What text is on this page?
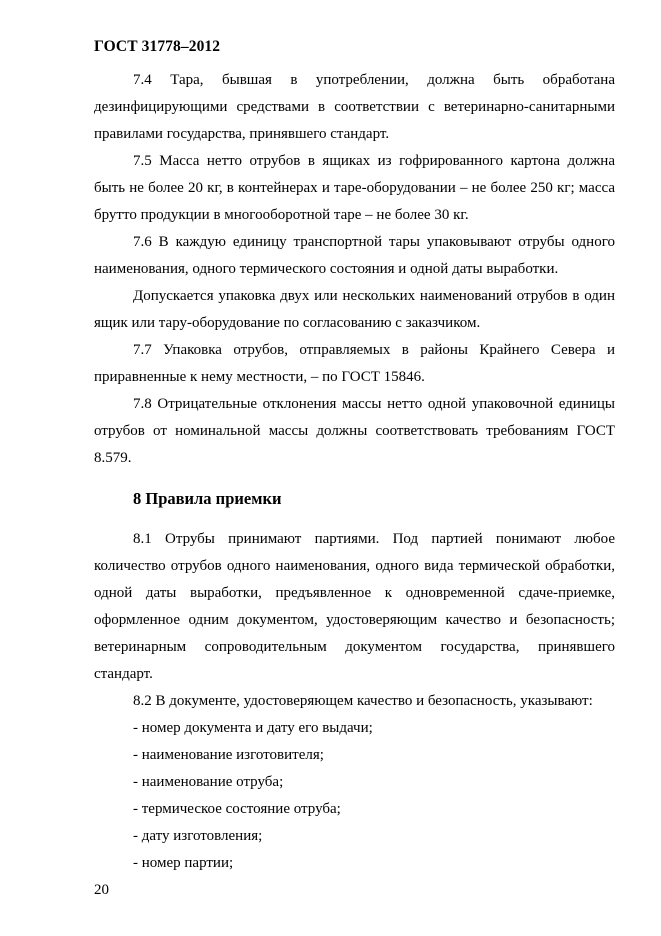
ГОСТ 31778–2012

7.4 Тара, бывшая в употреблении, должна быть обработана дезинфицирующими средствами в соответствии с ветеринарно-санитарными правилами государства, принявшего стандарт.

7.5 Масса нетто отрубов в ящиках из гофрированного картона должна быть не более 20 кг, в контейнерах и таре-оборудовании – не более 250 кг; масса брутто продукции в многооборотной таре – не более 30 кг.

7.6 В каждую единицу транспортной тары упаковывают отрубы одного наименования, одного термического состояния и одной даты выработки.

Допускается упаковка двух или нескольких наименований отрубов в один ящик или тару-оборудование по согласованию с заказчиком.

7.7 Упаковка отрубов, отправляемых в районы Крайнего Севера и приравненные к нему местности, – по ГОСТ 15846.

7.8 Отрицательные отклонения массы нетто одной упаковочной единицы отрубов от номинальной массы должны соответствовать требованиям ГОСТ 8.579.

8 Правила приемки

8.1 Отрубы принимают партиями. Под партией понимают любое количество отрубов одного наименования, одного вида термической обработки, одной даты выработки, предъявленное к одновременной сдаче-приемке, оформленное одним документом, удостоверяющим качество и безопасность; ветеринарным сопроводительным документом государства, принявшего стандарт.

8.2 В документе, удостоверяющем качество и безопасность, указывают:

- номер документа и дату его выдачи;

- наименование изготовителя;

- наименование отруба;

- термическое состояние отруба;

- дату изготовления;

- номер партии;

20
